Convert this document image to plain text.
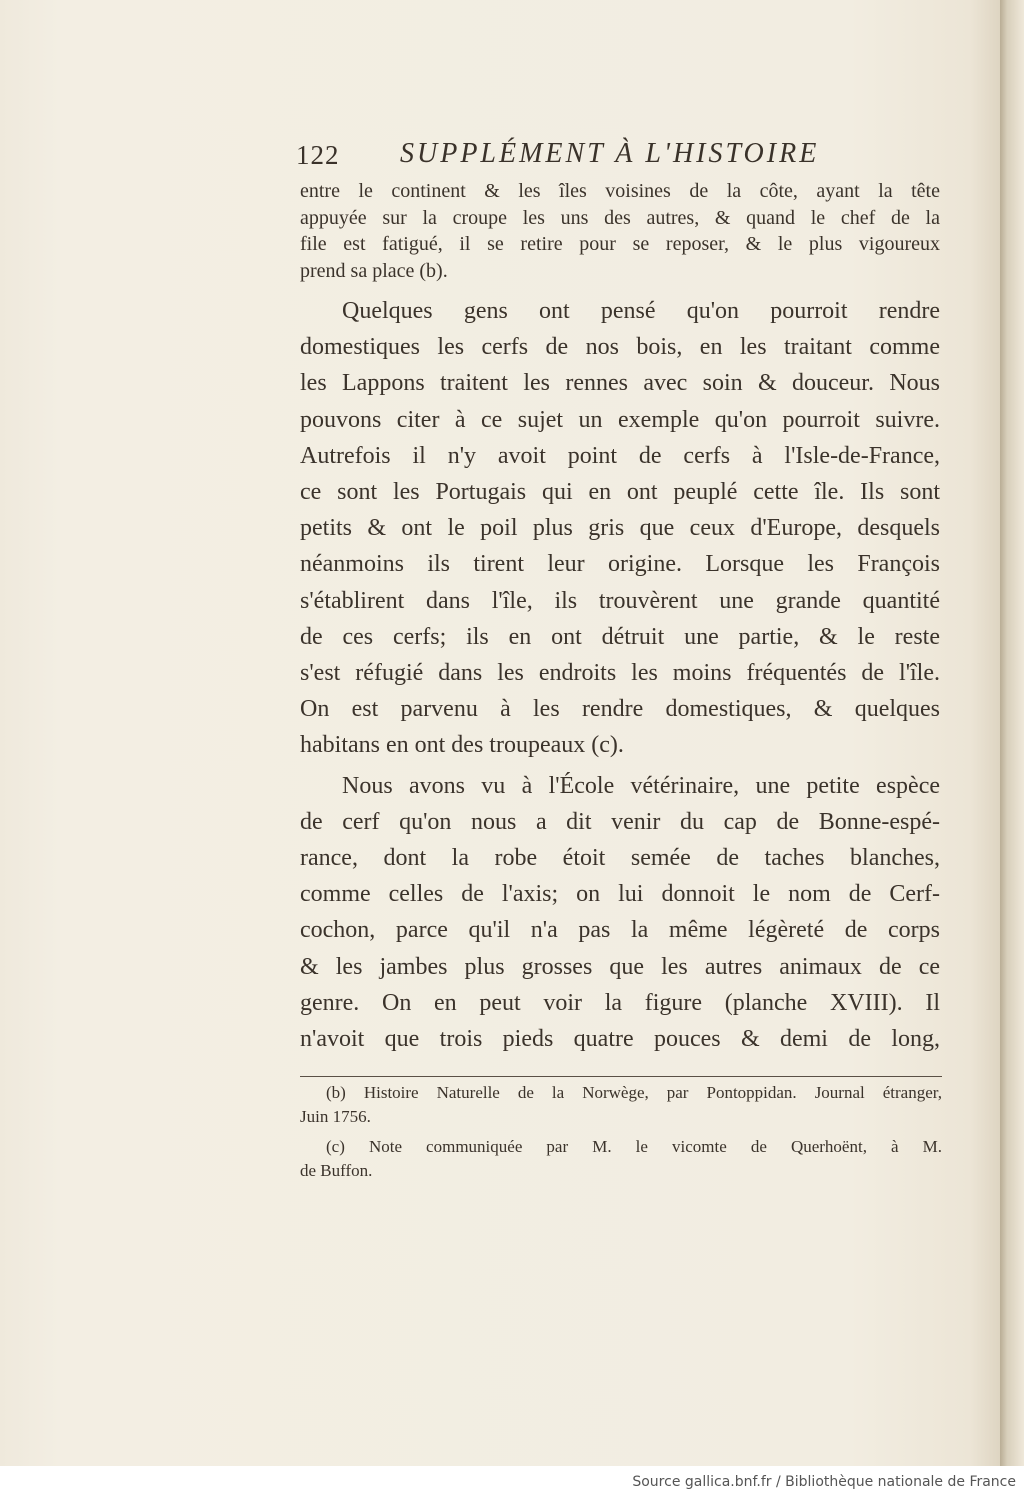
122 SUPPLÉMENT À L'HISTOIRE

entre le continent & les îles voisines de la côte, ayant la tête
appuyée sur la croupe les uns des autres, & quand le chef de la
file est fatigué, il se retire pour se reposer, & le plus vigoureux
prend sa place (b).

Quelques gens ont pensé qu'on pourroit rendre
domestiques les cerfs de nos bois, en les traitant comme
les Lappons traitent les rennes avec soin & douceur. Nous
pouvons citer à ce sujet un exemple qu'on pourroit suivre.
Autrefois il n'y avoit point de cerfs à l'Isle-de-France,
ce sont les Portugais qui en ont peuplé cette île. Ils sont
petits & ont le poil plus gris que ceux d'Europe, desquels
néanmoins ils tirent leur origine. Lorsque les François
s'établirent dans l'île, ils trouvèrent une grande quantité
de ces cerfs; ils en ont détruit une partie, & le reste
s'est réfugié dans les endroits les moins fréquentés de l'île.
On est parvenu à les rendre domestiques, & quelques
habitans en ont des troupeaux (c).

Nous avons vu à l'École vétérinaire, une petite espèce
de cerf qu'on nous a dit venir du cap de Bonne-espé-
rance, dont la robe étoit semée de taches blanches,
comme celles de l'axis; on lui donnoit le nom de Cerf-
cochon, parce qu'il n'a pas la même légèreté de corps
& les jambes plus grosses que les autres animaux de ce
genre. On en peut voir la figure (planche XVIII). Il
n'avoit que trois pieds quatre pouces & demi de long,

(b) Histoire Naturelle de la Norwège, par Pontoppidan. Journal étranger,
Juin 1756.

(c) Note communiquée par M. le vicomte de Querhoënt, à M.
de Buffon.

Source gallica.bnf.fr / Bibliothèque nationale de France
